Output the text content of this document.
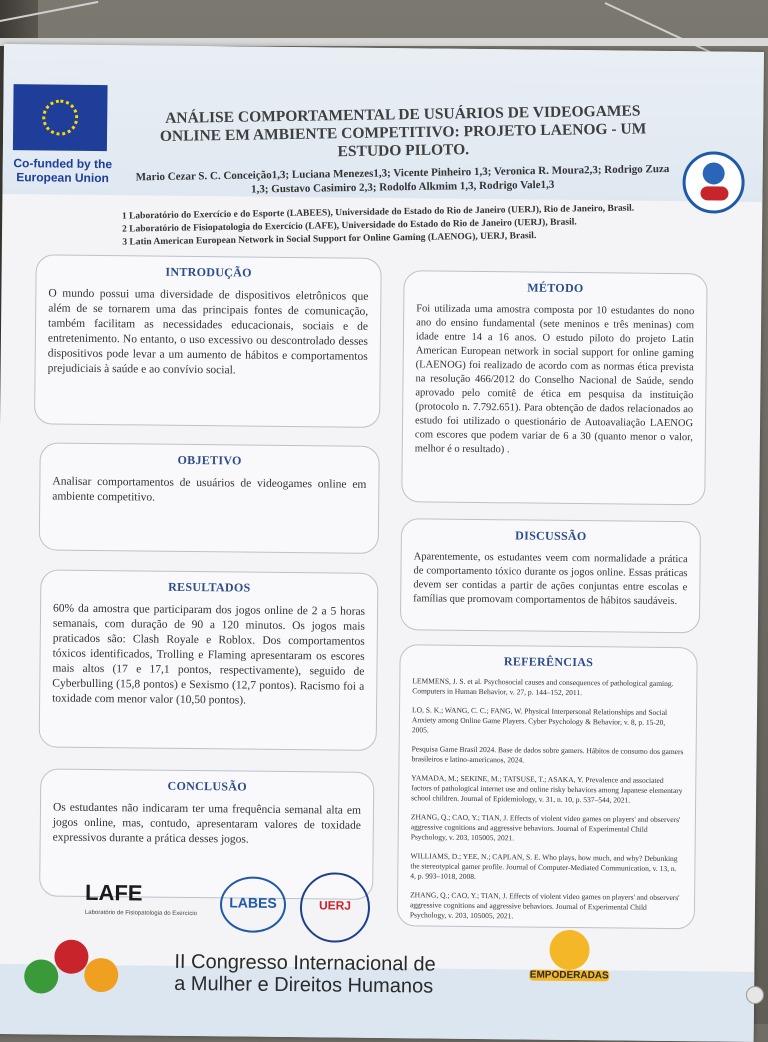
Co-funded by the European Union
ANÁLISE COMPORTAMENTAL DE USUÁRIOS DE VIDEOGAMES ONLINE EM AMBIENTE COMPETITIVO: PROJETO LAENOG - UM ESTUDO PILOTO.
Mario Cezar S. C. Conceição1,3; Luciana Menezes1,3; Vicente Pinheiro 1,3; Veronica R. Moura2,3; Rodrigo Zuza 1,3; Gustavo Casimiro 2,3; Rodolfo Alkmim 1,3, Rodrigo Vale1,3
1 Laboratório do Exercício e do Esporte (LABEES), Universidade do Estado do Rio de Janeiro (UERJ), Rio de Janeiro, Brasil.
2 Laboratório de Fisiopatologia do Exercício (LAFE), Universidade do Estado do Rio de Janeiro (UERJ), Brasil.
3 Latin American European Network in Social Support for Online Gaming (LAENOG), UERJ, Brasil.
INTRODUÇÃO

O mundo possui uma diversidade de dispositivos eletrônicos que além de se tornarem uma das principais fontes de comunicação, também facilitam as necessidades educacionais, sociais e de entretenimento. No entanto, o uso excessivo ou descontrolado desses dispositivos pode levar a um aumento de hábitos e comportamentos prejudiciais à saúde e ao convívio social.

OBJETIVO

Analisar comportamentos de usuários de videogames online em ambiente competitivo.

RESULTADOS

60% da amostra que participaram dos jogos online de 2 a 5 horas semanais, com duração de 90 a 120 minutos. Os jogos mais praticados são: Clash Royale e Roblox. Dos comportamentos tóxicos identificados, Trolling e Flaming apresentaram os escores mais altos (17 e 17,1 pontos, respectivamente), seguido de Cyberbulling (15,8 pontos) e Sexismo (12,7 pontos). Racismo foi a toxidade com menor valor (10,50 pontos).

CONCLUSÃO

Os estudantes não indicaram ter uma frequência semanal alta em jogos online, mas, contudo, apresentaram valores de toxidade expressivos durante a prática desses jogos.

MÉTODO

Foi utilizada uma amostra composta por 10 estudantes do nono ano do ensino fundamental (sete meninos e três meninas) com idade entre 14 a 16 anos. O estudo piloto do projeto Latin American European network in social support for online gaming (LAENOG) foi realizado de acordo com as normas ética prevista na resolução 466/2012 do Conselho Nacional de Saúde, sendo aprovado pelo comitê de ética em pesquisa da instituição (protocolo n. 7.792.651). Para obtenção de dados relacionados ao estudo foi utilizado o questionário de Autoavaliação LAENOG com escores que podem variar de 6 a 30 (quanto menor o valor, melhor é o resultado) .

DISCUSSÃO

Aparentemente, os estudantes veem com normalidade a prática de comportamento tóxico durante os jogos online. Essas práticas devem ser contidas a partir de ações conjuntas entre escolas e famílias que promovam comportamentos de hábitos saudáveis.

REFERÊNCIAS

LEMMENS, J. S. et al. Psychosocial causes and consequences of pathological gaming. Computers in Human Behavior, v. 27, p. 144–152, 2011.

LO, S. K.; WANG, C. C.; FANG, W. Physical Interpersonal Relationships and Social Anxiety among Online Game Players. Cyber Psychology & Behavior, v. 8, p. 15-20, 2005.

Pesquisa Game Brasil 2024. Base de dados sobre gamers. Hábitos de consumo dos gamers brasileiros e latino-americanos, 2024.

YAMADA, M.; SEKINE, M.; TATSUSE, T.; ASAKA, Y. Prevalence and associated factors of pathological internet use and online risky behaviors among Japanese elementary school children. Journal of Epidemiology, v. 31, n. 10, p. 537–544, 2021.

ZHANG, Q.; CAO, Y.; TIAN, J. Effects of violent video games on players' and observers' aggressive cognitions and aggressive behaviors. Journal of Experimental Child Psychology, v. 203, 105005, 2021.

WILLIAMS, D.; YEE, N.; CAPLAN, S. E. Who plays, how much, and why? Debunking the stereotypical gamer profile. Journal of Computer-Mediated Communication, v. 13, n. 4, p. 993–1018, 2008.

ZHANG, Q.; CAO, Y.; TIAN, J. Effects of violent video games on players' and observers' aggressive cognitions and aggressive behaviors. Journal of Experimental Child Psychology, v. 203, 105005, 2021.

LAFE
Laboratório de Fisiopatologia do Exercício
LABES	UERJ
II Congresso Internacional de
a Mulher e Direitos Humanos	EMPODERADAS
